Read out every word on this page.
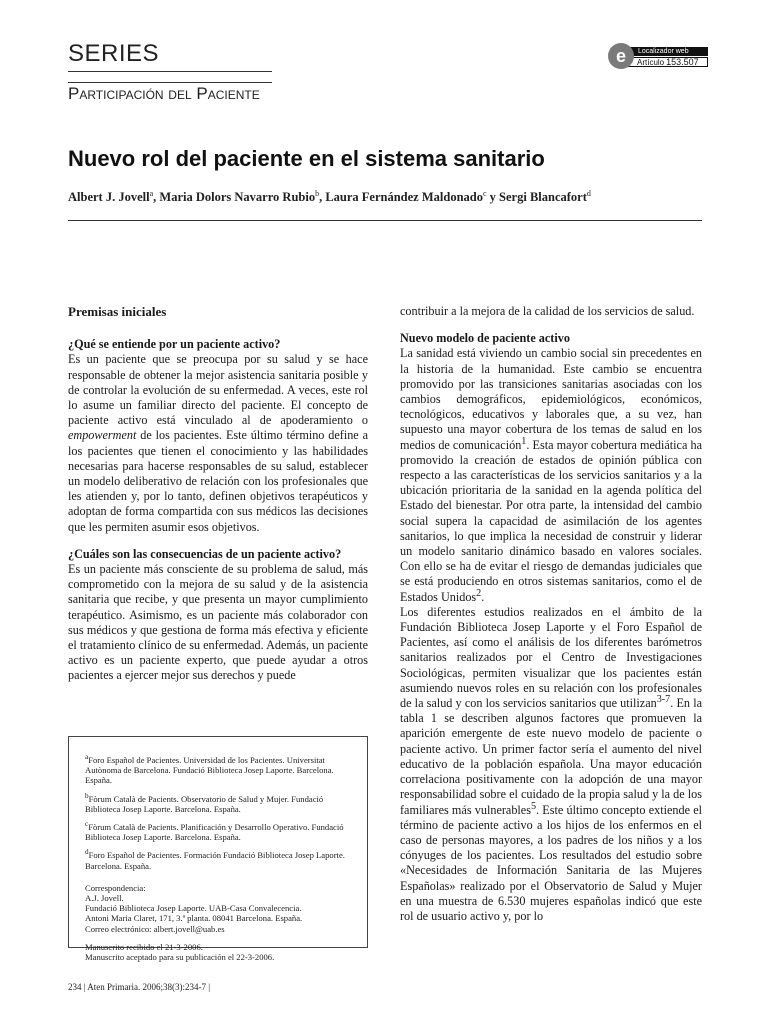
SERIES
Participación del Paciente
Localizador web
Artículo 153.507
e
Nuevo rol del paciente en el sistema sanitario
Albert J. Jovell$^a$, Maria Dolors Navarro Rubio$^b$, Laura Fernández Maldonado$^c$ y Sergi Blancafort$^d$
Premisas iniciales

¿Qué se entiende por un paciente activo?

Es un paciente que se preocupa por su salud y se hace responsable de obtener la mejor asistencia sanitaria posible y de controlar la evolución de su enfermedad. A veces, este rol lo asume un familiar directo del paciente. El concepto de paciente activo está vinculado al de apoderamiento o empowerment de los pacientes. Este último término define a los pacientes que tienen el conocimiento y las habilidades necesarias para hacerse responsables de su salud, establecer un modelo deliberativo de relación con los profesionales que les atienden y, por lo tanto, definen objetivos terapéuticos y adoptan de forma compartida con sus médicos las decisiones que les permiten asumir esos objetivos.

¿Cuáles son las consecuencias de un paciente activo?

Es un paciente más consciente de su problema de salud, más comprometido con la mejora de su salud y de la asistencia sanitaria que recibe, y que presenta un mayor cumplimiento terapéutico. Asimismo, es un paciente más colaborador con sus médicos y que gestiona de forma más efectiva y eficiente el tratamiento clínico de su enfermedad. Además, un paciente activo es un paciente experto, que puede ayudar a otros pacientes a ejercer mejor sus derechos y puede

contribuir a la mejora de la calidad de los servicios de salud.

Nuevo modelo de paciente activo

La sanidad está viviendo un cambio social sin precedentes en la historia de la humanidad. Este cambio se encuentra promovido por las transiciones sanitarias asociadas con los cambios demográficos, epidemiológicos, económicos, tecnológicos, educativos y laborales que, a su vez, han supuesto una mayor cobertura de los temas de salud en los medios de comunicación$^1$. Esta mayor cobertura mediática ha promovido la creación de estados de opinión pública con respecto a las características de los servicios sanitarios y a la ubicación prioritaria de la sanidad en la agenda política del Estado del bienestar. Por otra parte, la intensidad del cambio social supera la capacidad de asimilación de los agentes sanitarios, lo que implica la necesidad de construir y liderar un modelo sanitario dinámico basado en valores sociales. Con ello se ha de evitar el riesgo de demandas judiciales que se está produciendo en otros sistemas sanitarios, como el de Estados Unidos$^2$.

Los diferentes estudios realizados en el ámbito de la Fundación Biblioteca Josep Laporte y el Foro Español de Pacientes, así como el análisis de los diferentes barómetros sanitarios realizados por el Centro de Investigaciones Sociológicas, permiten visualizar que los pacientes están asumiendo nuevos roles en su relación con los profesionales de la salud y con los servicios sanitarios que utilizan$^{3-7}$. En la tabla 1 se describen algunos factores que promueven la aparición emergente de este nuevo modelo de paciente o paciente activo. Un primer factor sería el aumento del nivel educativo de la población española. Una mayor educación correlaciona positivamente con la adopción de una mayor responsabilidad sobre el cuidado de la propia salud y la de los familiares más vulnerables$^5$. Este último concepto extiende el término de paciente activo a los hijos de los enfermos en el caso de personas mayores, a los padres de los niños y a los cónyuges de los pacientes. Los resultados del estudio sobre «Necesidades de Información Sanitaria de las Mujeres Españolas» realizado por el Observatorio de Salud y Mujer en una muestra de 6.530 mujeres españolas indicó que este rol de usuario activo y, por lo

$^a$Foro Español de Pacientes. Universidad de los Pacientes. Universitat Autònoma de Barcelona. Fundació Biblioteca Josep Laporte. Barcelona. España.

$^b$Fòrum Català de Pacients. Observatorio de Salud y Mujer. Fundació Biblioteca Josep Laporte. Barcelona. España.

$^c$Fòrum Català de Pacients. Planificación y Desarrollo Operativo. Fundació Biblioteca Josep Laporte. Barcelona. España.

$^d$Foro Español de Pacientes. Formación Fundació Biblioteca Josep Laporte. Barcelona. España.

Correspondencia:
A.J. Jovell.
Fundació Biblioteca Josep Laporte. UAB-Casa Convalecencia.
Antoni Maria Claret, 171, 3.ª planta. 08041 Barcelona. España.
Correo electrónico: albert.jovell@uab.es

Manuscrito recibido el 21-3-2006.
Manuscrito aceptado para su publicación el 22-3-2006.

234 | Aten Primaria. 2006;38(3):234-7 |
